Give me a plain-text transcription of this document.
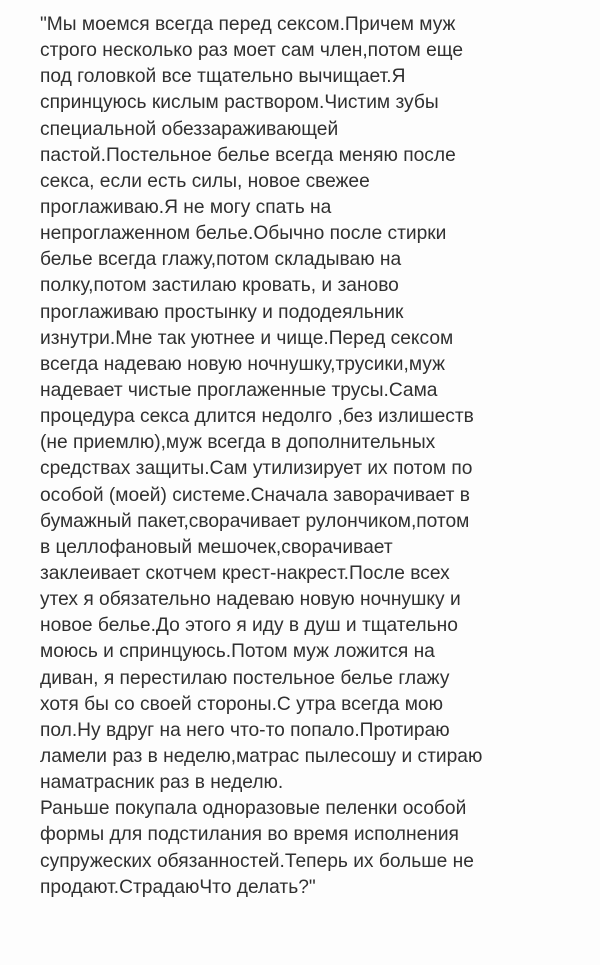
"Мы моемся всегда перед сексом.Причем муж
строго несколько раз моет сам член,потом еще
под головкой все тщательно вычищает.Я
спринцуюсь кислым раствором.Чистим зубы
специальной обеззараживающей
пастой.Постельное белье всегда меняю после
секса, если есть силы, новое свежее
проглаживаю.Я не могу спать на
непроглаженном белье.Обычно после стирки
белье всегда глажу,потом складываю на
полку,потом застилаю кровать, и заново
проглаживаю простынку и пододеяльник
изнутри.Мне так уютнее и чище.Перед сексом
всегда надеваю новую ночнушку,трусики,муж
надевает чистые проглаженные трусы.Сама
процедура секса длится недолго ,без излишеств
(не приемлю),муж всегда в дополнительных
средствах защиты.Сам утилизирует их потом по
особой (моей) системе.Сначала заворачивает в
бумажный пакет,сворачивает рулончиком,потом
в целлофановый мешочек,сворачивает
заклеивает скотчем крест-накрест.После всех
утех я обязательно надеваю новую ночнушку и
новое белье.До этого я иду в душ и тщательно
моюсь и спринцуюсь.Потом муж ложится на
диван, я перестилаю постельное белье глажу
хотя бы со своей стороны.С утра всегда мою
пол.Ну вдруг на него что-то попало.Протираю
ламели раз в неделю,матрас пылесошу и стираю
наматрасник раз в неделю.
Раньше покупала одноразовые пеленки особой
формы для подстилания во время исполнения
супружеских обязанностей.Теперь их больше не
продают.СтрадаюЧто делать?"
